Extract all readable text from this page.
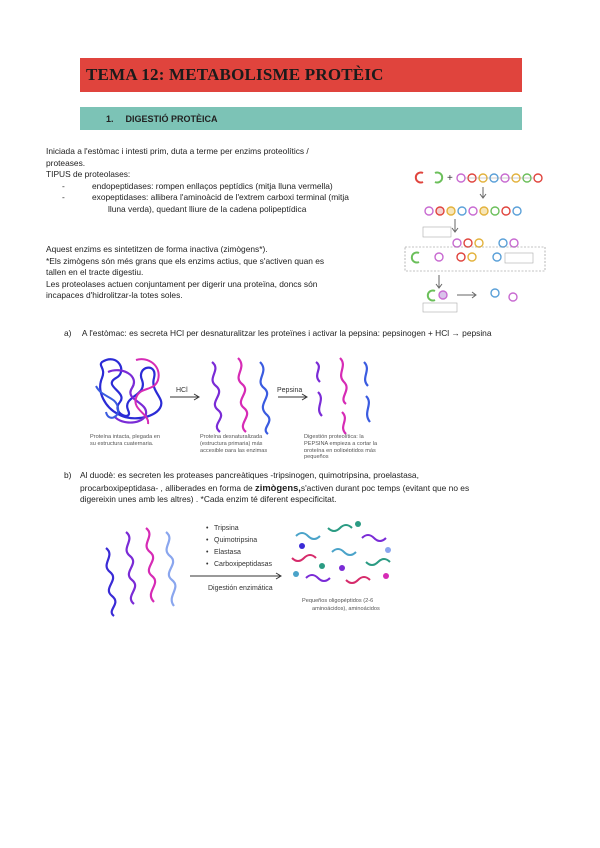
TEMA 12: METABOLISME PROTÈIC
1. DIGESTIÓ PROTÈICA
Iniciada a l'estòmac i intesti prim, duta a terme per enzims proteolítics /
proteases.
TIPUS de proteolases:
-	endopeptidases: rompen enllaços peptídics (mitja lluna vermella)
-	exopeptidases: allibera l'aminoàcid de l'extrem carboxi terminal (mitja
lluna verda), quedant lliure de la cadena polipeptídica
Aquest enzims es sintetitzen de forma inactiva (zimògens*).
*Els zimògens són més grans que els enzims actius, que s'activen quan es
tallen en el tracte digestiu.
Les proteolases actuen conjuntament per digerir una proteïna, doncs són
incapaces d'hidrolitzar-la totes soles.
+
a) A l'estòmac: es secreta HCl per desnaturalitzar les proteïnes i activar la pepsina: pepsinogen + HCl → pepsina
HCl	Pepsina
Proteína intacta, plegada en
su estructura cuaternaria.
Proteína desnaturalizada
(estructura primaria) más
accesible para las enzimas
Digestión proteolítica: la
PEPSINA empieza a cortar la
proteína en polipéptidos más
pequeños
b) Al duodè: es secreten les proteases pancreàtiques -tripsinogen, quimotripsina, proelastasa,
procarboxipeptidasa- , alliberades en forma de zimògens,s'activen durant poc temps (evitant que no es
digereixin unes amb les altres) . *Cada enzim té diferent especificitat.
• Tripsina
• Quimotripsina
• Elastasa
• Carboxipeptidasas
Digestión enzimática
Pequeños oligopéptidos (2-6
aminoácidos), aminoácidos
